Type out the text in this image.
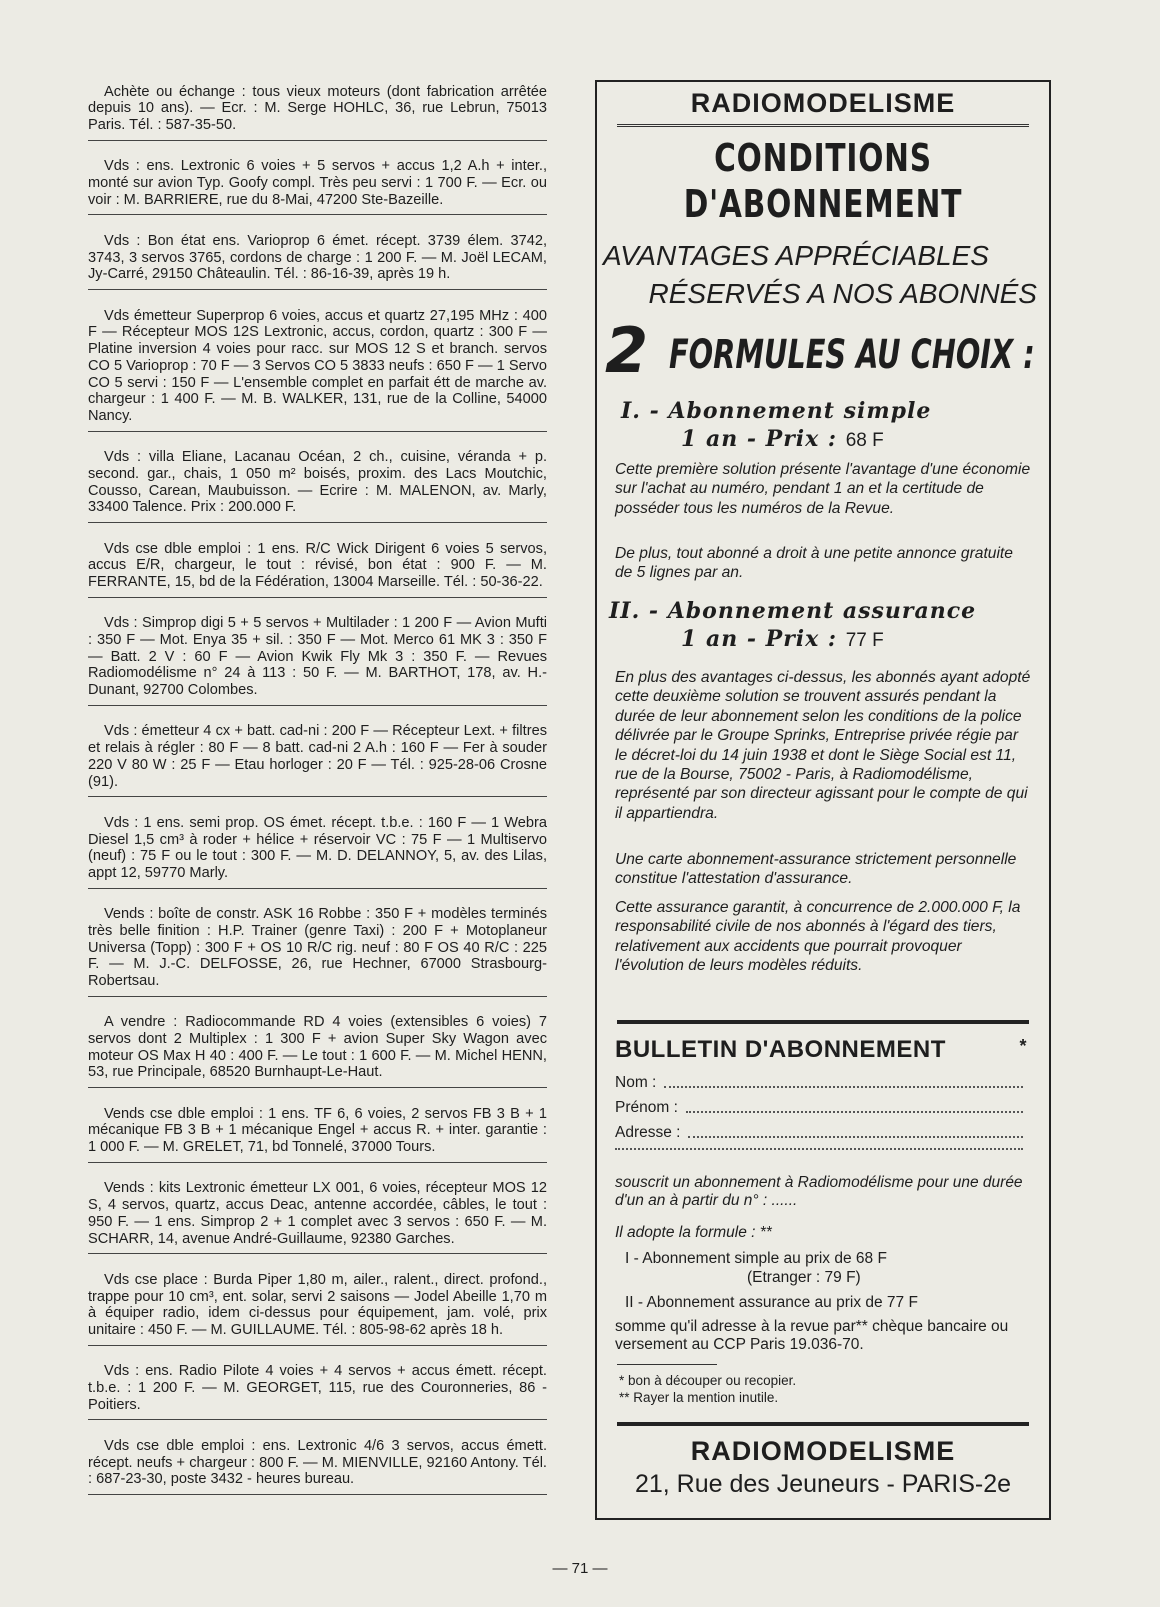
Achète ou échange : tous vieux moteurs (dont fabrication arrêtée depuis 10 ans). — Ecr. : M. Serge HOHLC, 36, rue Lebrun, 75013 Paris. Tél. : 587-35-50.

Vds : ens. Lextronic 6 voies + 5 servos + accus 1,2 A.h + inter., monté sur avion Typ. Goofy compl. Très peu servi : 1 700 F. — Ecr. ou voir : M. BARRIERE, rue du 8-Mai, 47200 Ste-Bazeille.

Vds : Bon état ens. Varioprop 6 émet. récept. 3739 élem. 3742, 3743, 3 servos 3765, cordons de charge : 1 200 F. — M. Joël LECAM, Jy-Carré, 29150 Châteaulin. Tél. : 86-16-39, après 19 h.

Vds émetteur Superprop 6 voies, accus et quartz 27,195 MHz : 400 F — Récepteur MOS 12S Lextronic, accus, cordon, quartz : 300 F — Platine inversion 4 voies pour racc. sur MOS 12 S et branch. servos CO 5 Varioprop : 70 F — 3 Servos CO 5 3833 neufs : 650 F — 1 Servo CO 5 servi : 150 F — L'ensemble complet en parfait étt de marche av. chargeur : 1 400 F. — M. B. WALKER, 131, rue de la Colline, 54000 Nancy.

Vds : villa Eliane, Lacanau Océan, 2 ch., cuisine, véranda + p. second. gar., chais, 1 050 m² boisés, proxim. des Lacs Moutchic, Cousso, Carean, Maubuisson. — Ecrire : M. MALENON, av. Marly, 33400 Talence. Prix : 200.000 F.

Vds cse dble emploi : 1 ens. R/C Wick Dirigent 6 voies 5 servos, accus E/R, chargeur, le tout : révisé, bon état : 900 F. — M. FERRANTE, 15, bd de la Fédération, 13004 Marseille. Tél. : 50-36-22.

Vds : Simprop digi 5 + 5 servos + Multilader : 1 200 F — Avion Mufti : 350 F — Mot. Enya 35 + sil. : 350 F — Mot. Merco 61 MK 3 : 350 F — Batt. 2 V : 60 F — Avion Kwik Fly Mk 3 : 350 F. — Revues Radiomodélisme n° 24 à 113 : 50 F. — M. BARTHOT, 178, av. H.-Dunant, 92700 Colombes.

Vds : émetteur 4 cx + batt. cad-ni : 200 F — Récepteur Lext. + filtres et relais à régler : 80 F — 8 batt. cad-ni 2 A.h : 160 F — Fer à souder 220 V 80 W : 25 F — Etau horloger : 20 F — Tél. : 925-28-06 Crosne (91).

Vds : 1 ens. semi prop. OS émet. récept. t.b.e. : 160 F — 1 Webra Diesel 1,5 cm³ à roder + hélice + réservoir VC : 75 F — 1 Multiservo (neuf) : 75 F ou le tout : 300 F. — M. D. DELANNOY, 5, av. des Lilas, appt 12, 59770 Marly.

Vends : boîte de constr. ASK 16 Robbe : 350 F + modèles terminés très belle finition : H.P. Trainer (genre Taxi) : 200 F + Motoplaneur Universa (Topp) : 300 F + OS 10 R/C rig. neuf : 80 F OS 40 R/C : 225 F. — M. J.-C. DELFOSSE, 26, rue Hechner, 67000 Strasbourg-Robertsau.

A vendre : Radiocommande RD 4 voies (extensibles 6 voies) 7 servos dont 2 Multiplex : 1 300 F + avion Super Sky Wagon avec moteur OS Max H 40 : 400 F. — Le tout : 1 600 F. — M. Michel HENN, 53, rue Principale, 68520 Burnhaupt-Le-Haut.

Vends cse dble emploi : 1 ens. TF 6, 6 voies, 2 servos FB 3 B + 1 mécanique FB 3 B + 1 mécanique Engel + accus R. + inter. garantie : 1 000 F. — M. GRELET, 71, bd Tonnelé, 37000 Tours.

Vends : kits Lextronic émetteur LX 001, 6 voies, récepteur MOS 12 S, 4 servos, quartz, accus Deac, antenne accordée, câbles, le tout : 950 F. — 1 ens. Simprop 2 + 1 complet avec 3 servos : 650 F. — M. SCHARR, 14, avenue André-Guillaume, 92380 Garches.

Vds cse place : Burda Piper 1,80 m, ailer., ralent., direct. profond., trappe pour 10 cm³, ent. solar, servi 2 saisons — Jodel Abeille 1,70 m à équiper radio, idem ci-dessus pour équipement, jam. volé, prix unitaire : 450 F. — M. GUILLAUME. Tél. : 805-98-62 après 18 h.

Vds : ens. Radio Pilote 4 voies + 4 servos + accus émett. récept. t.b.e. : 1 200 F. — M. GEORGET, 115, rue des Couronneries, 86 - Poitiers.

Vds cse dble emploi : ens. Lextronic 4/6 3 servos, accus émett. récept. neufs + chargeur : 800 F. — M. MIENVILLE, 92160 Antony. Tél. : 687-23-30, poste 3432 - heures bureau.

RADIOMODELISME
CONDITIONS
D'ABONNEMENT
AVANTAGES APPRÉCIABLES
RÉSERVÉS A NOS ABONNÉS
2 FORMULES AU CHOIX :
I. - Abonnement simple
1 an - Prix : 68 F
Cette première solution présente l'avantage d'une économie sur l'achat au numéro, pendant 1 an et la certitude de posséder tous les numéros de la Revue.
De plus, tout abonné a droit à une petite annonce gratuite de 5 lignes par an.
II. - Abonnement assurance
1 an - Prix : 77 F
En plus des avantages ci-dessus, les abonnés ayant adopté cette deuxième solution se trouvent assurés pendant la durée de leur abonnement selon les conditions de la police délivrée par le Groupe Sprinks, Entreprise privée régie par le décret-loi du 14 juin 1938 et dont le Siège Social est 11, rue de la Bourse, 75002 - Paris, à Radiomodélisme, représenté par son directeur agissant pour le compte de qui il appartiendra.
Une carte abonnement-assurance strictement personnelle constitue l'attestation d'assurance.
Cette assurance garantit, à concurrence de 2.000.000 F, la responsabilité civile de nos abonnés à l'égard des tiers, relativement aux accidents que pourrait provoquer l'évolution de leurs modèles réduits.
BULLETIN D'ABONNEMENT	*
Nom :
Prénom :
Adresse :
souscrit un abonnement à Radiomodélisme pour une durée d'un an à partir du n° : ......
Il adopte la formule : **
I - Abonnement simple au prix de 68 F
(Etranger : 79 F)
II - Abonnement assurance au prix de 77 F
somme qu'il adresse à la revue par** chèque bancaire ou versement au CCP Paris 19.036-70.
* bon à découper ou recopier.
** Rayer la mention inutile.
RADIOMODELISME
21, Rue des Jeuneurs - PARIS-2e
— 71 —
